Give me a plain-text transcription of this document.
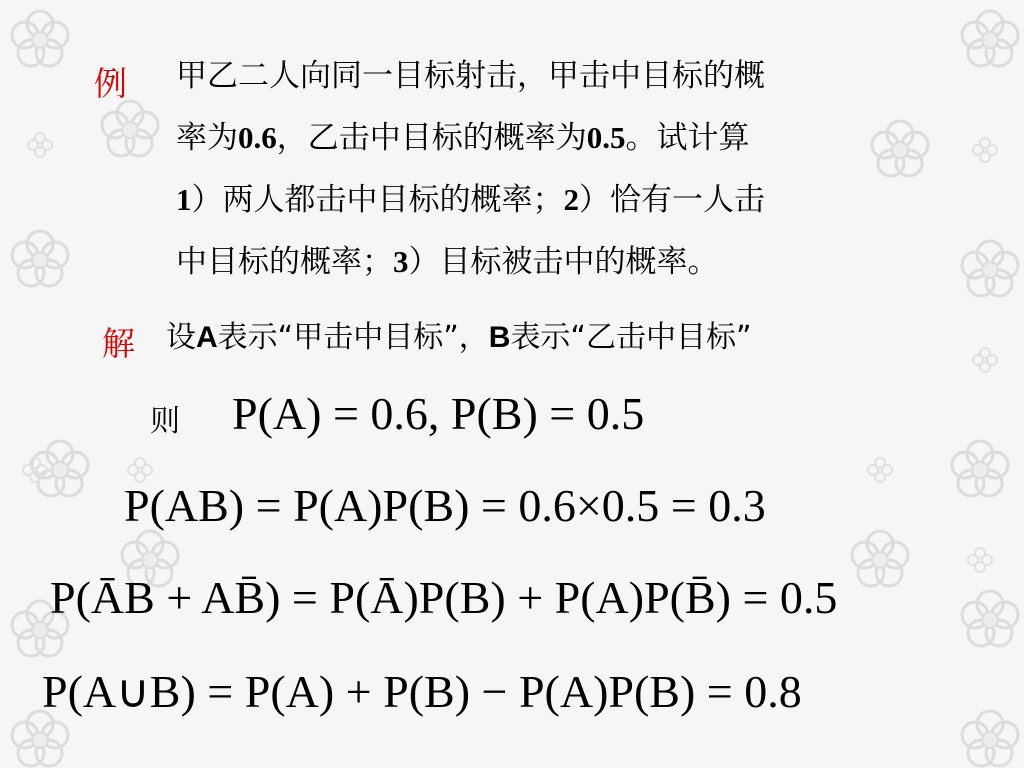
例 甲乙二人向同一目标射击，甲击中目标的概
率为0.6，乙击中目标的概率为0.5。试计算
1）两人都击中目标的概率；2）恰有一人击
中目标的概率；3）目标被击中的概率。
解 设A表示“甲击中目标”，B表示“乙击中目标”
则 P(A) = 0.6, P(B) = 0.5
P(AB) = P(A)P(B) = 0.6×0.5 = 0.3
P(ĀB + AB̄) = P(Ā)P(B) + P(A)P(B̄) = 0.5
P(A∪B) = P(A) + P(B) − P(A)P(B) = 0.8
